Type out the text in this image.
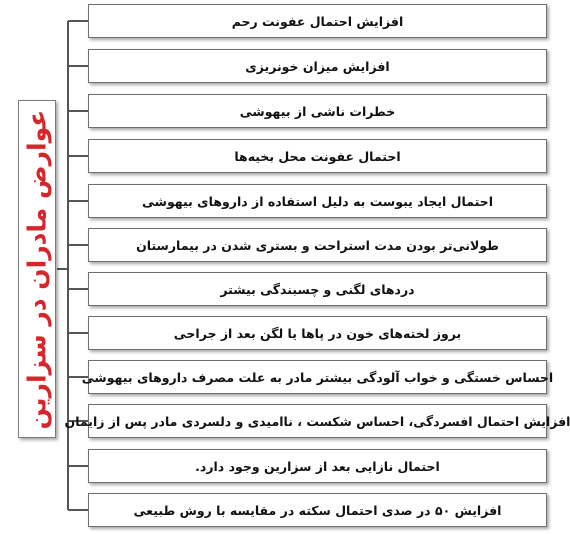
عوارض مادران در سزارین
افزایش احتمال عفونت رحم
افزایش میزان خونریزی
خطرات ناشی از بیهوشی
احتمال عفونت محل بخیه‌ها
احتمال ایجاد یبوست به دلیل استفاده از داروهای بیهوشی
طولانی‌تر بودن مدت استراحت و بستری شدن در بیمارستان
دردهای لگنی و چسبندگی بیشتر
بروز لخته‌های خون در پاها یا لگن بعد از جراحی
احساس خستگی و خواب آلودگی بیشتر مادر به علت مصرف داروهای بیهوشی
افزایش احتمال افسردگی، احساس شکست ، ناامیدی و دلسردی مادر پس از زایمان
احتمال نازایی بعد از سزارین وجود دارد.
افزایش ۵۰ در صدی احتمال سکته در مقایسه با روش طبیعی
